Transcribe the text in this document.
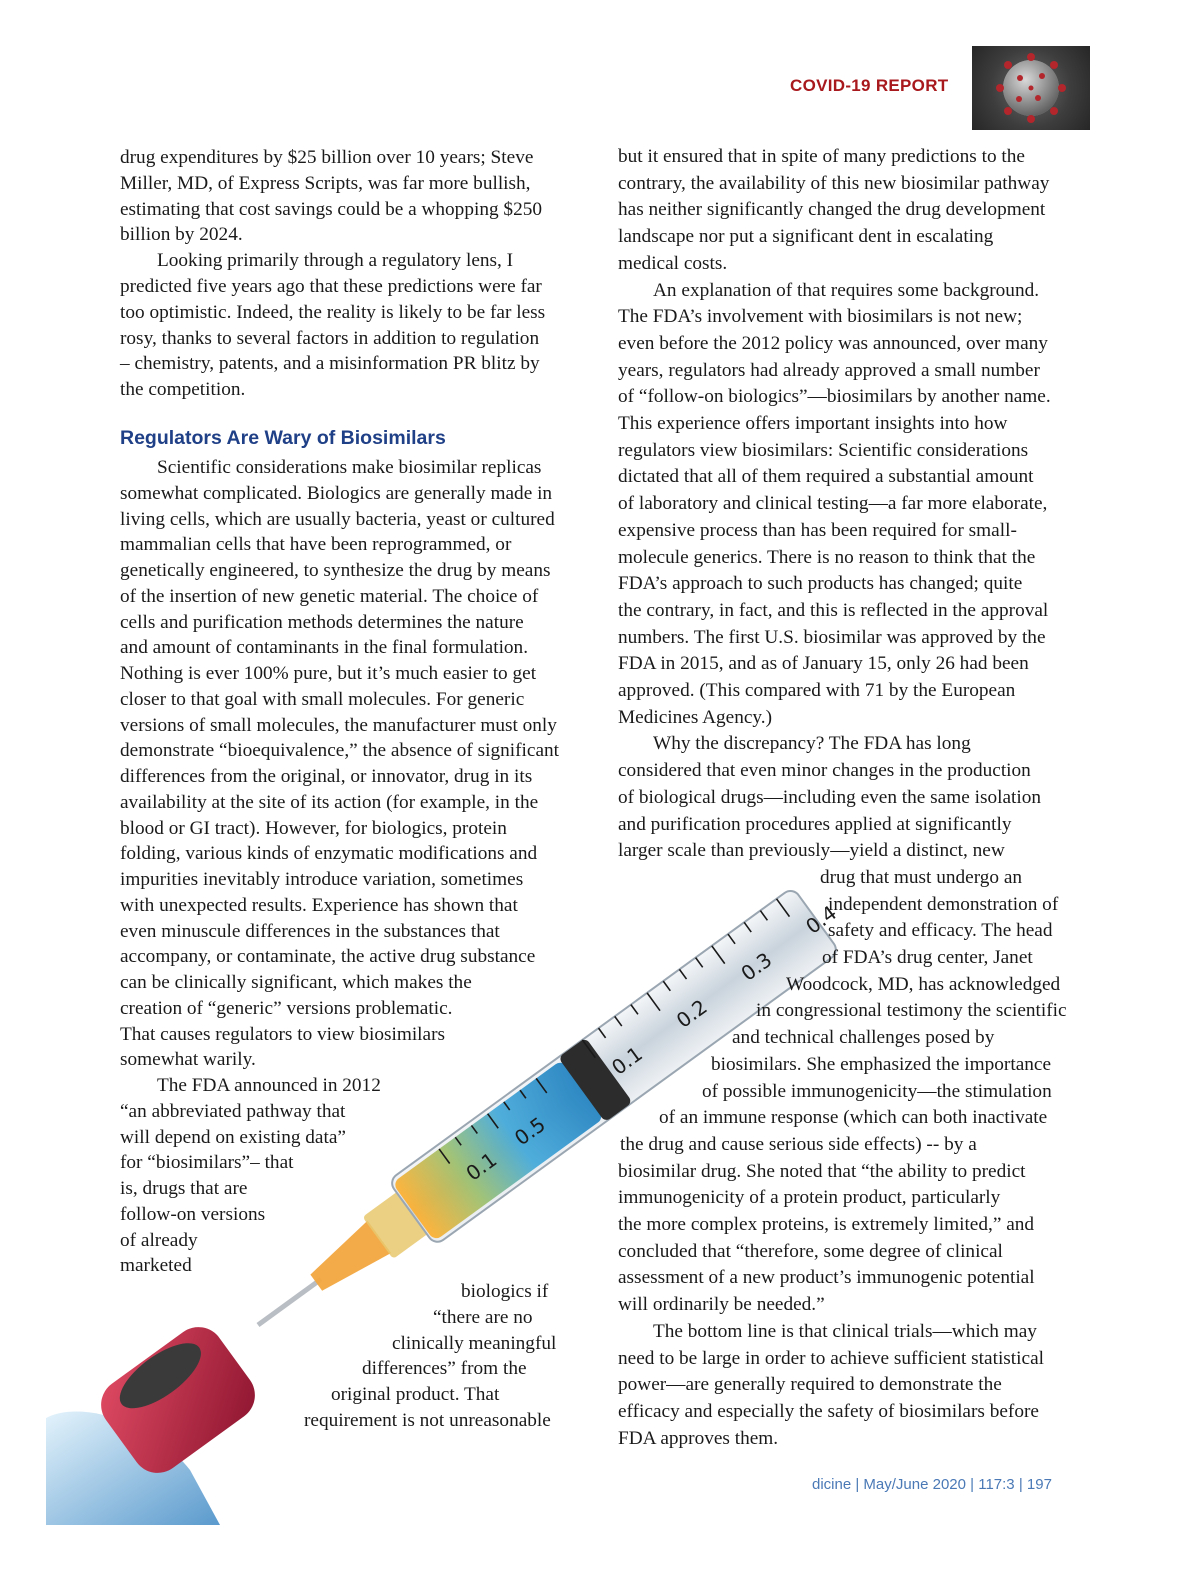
COVID-19 REPORT
0.1
0.2
0.3
0.4
0.5
0.1
drug expenditures by $25 billion over 10 years; Steve
Miller, MD, of Express Scripts, was far more bullish,
estimating that cost savings could be a whopping $250
billion by 2024.
Looking primarily through a regulatory lens, I
predicted five years ago that these predictions were far
too optimistic. Indeed, the reality is likely to be far less
rosy, thanks to several factors in addition to regulation
– chemistry, patents, and a misinformation PR blitz by
the competition.
Scientific considerations make biosimilar replicas
somewhat complicated. Biologics are generally made in
living cells, which are usually bacteria, yeast or cultured
mammalian cells that have been reprogrammed, or
genetically engineered, to synthesize the drug by means
of the insertion of new genetic material. The choice of
cells and purification methods determines the nature
and amount of contaminants in the final formulation.
Nothing is ever 100% pure, but it’s much easier to get
closer to that goal with small molecules. For generic
versions of small molecules, the manufacturer must only
demonstrate “bioequivalence,” the absence of significant
differences from the original, or innovator, drug in its
availability at the site of its action (for example, in the
blood or GI tract). However, for biologics, protein
folding, various kinds of enzymatic modifications and
impurities inevitably introduce variation, sometimes
with unexpected results. Experience has shown that
even minuscule differences in the substances that
accompany, or contaminate, the active drug substance
can be clinically significant, which makes the
creation of “generic” versions problematic.
That causes regulators to view biosimilars
somewhat warily.
The FDA announced in 2012
“an abbreviated pathway that
will depend on existing data”
for “biosimilars”– that
is, drugs that are
follow-on versions
of already
marketed
biologics if
“there are no
clinically meaningful
differences” from the
original product. That
requirement is not unreasonable
Regulators Are Wary of Biosimilars
but it ensured that in spite of many predictions to the
contrary, the availability of this new biosimilar pathway
has neither significantly changed the drug development
landscape nor put a significant dent in escalating
medical costs.
An explanation of that requires some background.
The FDA’s involvement with biosimilars is not new;
even before the 2012 policy was announced, over many
years, regulators had already approved a small number
of “follow-on biologics”—biosimilars by another name.
This experience offers important insights into how
regulators view biosimilars: Scientific considerations
dictated that all of them required a substantial amount
of laboratory and clinical testing—a far more elaborate,
expensive process than has been required for small-
molecule generics. There is no reason to think that the
FDA’s approach to such products has changed; quite
the contrary, in fact, and this is reflected in the approval
numbers. The first U.S. biosimilar was approved by the
FDA in 2015, and as of January 15, only 26 had been
approved. (This compared with 71 by the European
Medicines Agency.)
Why the discrepancy? The FDA has long
considered that even minor changes in the production
of biological drugs—including even the same isolation
and purification procedures applied at significantly
larger scale than previously—yield a distinct, new
drug that must undergo an
independent demonstration of
safety and efficacy. The head
of FDA’s drug center, Janet
Woodcock, MD, has acknowledged
in congressional testimony the scientific
and technical challenges posed by
biosimilars. She emphasized the importance
of possible immunogenicity—the stimulation
of an immune response (which can both inactivate
the drug and cause serious side effects) -- by a
biosimilar drug. She noted that “the ability to predict
immunogenicity of a protein product, particularly
the more complex proteins, is extremely limited,” and
concluded that “therefore, some degree of clinical
assessment of a new product’s immunogenic potential
will ordinarily be needed.”
The bottom line is that clinical trials—which may
need to be large in order to achieve sufficient statistical
power—are generally required to demonstrate the
efficacy and especially the safety of biosimilars before
FDA approves them.
dicine | May/June 2020 | 117:3 | 197
